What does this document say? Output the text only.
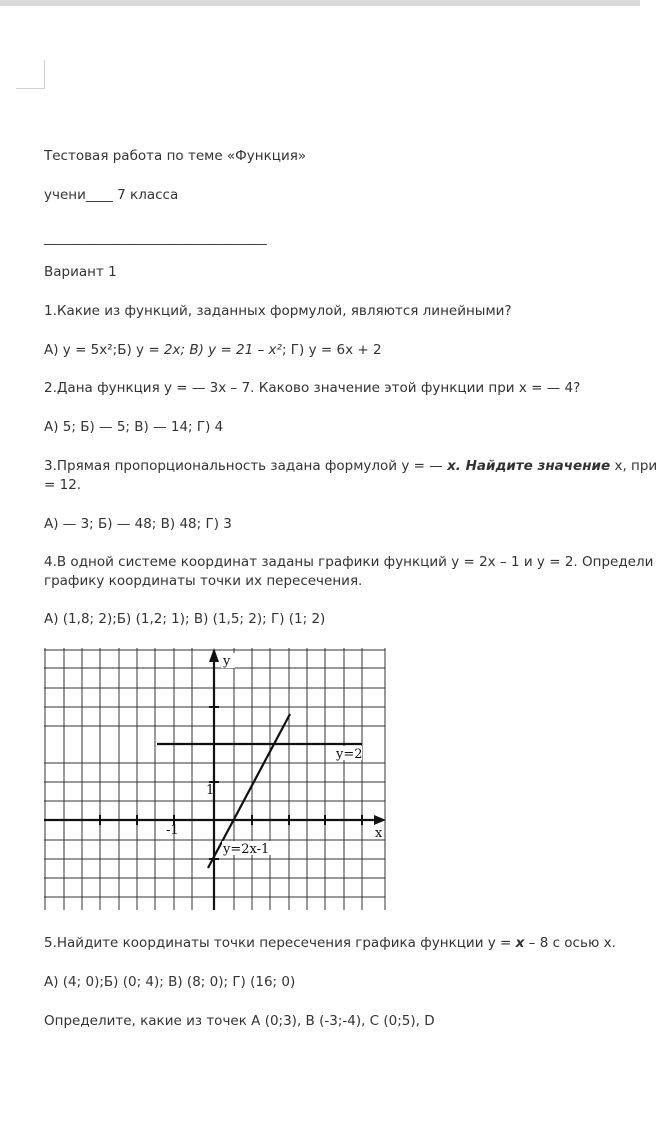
Тестовая работа по теме «Функция»
учени____ 7 класса
_________________________________
Вариант 1
1.Какие из функций, заданных формулой, являются линейными?
А) у = 5х²;Б) у = 2х; В) у = 21 – х²; Г) у = 6х + 2
2.Дана функция у = — 3х – 7. Каково значение этой функции при х = — 4?
А) 5; Б) — 5; В) — 14; Г) 4
3.Прямая пропорциональность задана формулой у = — х. Найдите значение х, при
= 12.
А) — 3; Б) — 48; В) 48; Г) 3
4.В одной системе координат заданы графики функций у = 2х – 1 и у = 2. Определи
графику координаты точки их пересечения.
А) (1,8; 2);Б) (1,2; 1); В) (1,5; 2); Г) (1; 2)
y
x
1
-1
y=2
y=2x-1
5.Найдите координаты точки пересечения графика функции у = х – 8 с осью х.
А) (4; 0);Б) (0; 4); В) (8; 0); Г) (16; 0)
Определите, какие из точек А (0;3), В (-3;-4), С (0;5), D
